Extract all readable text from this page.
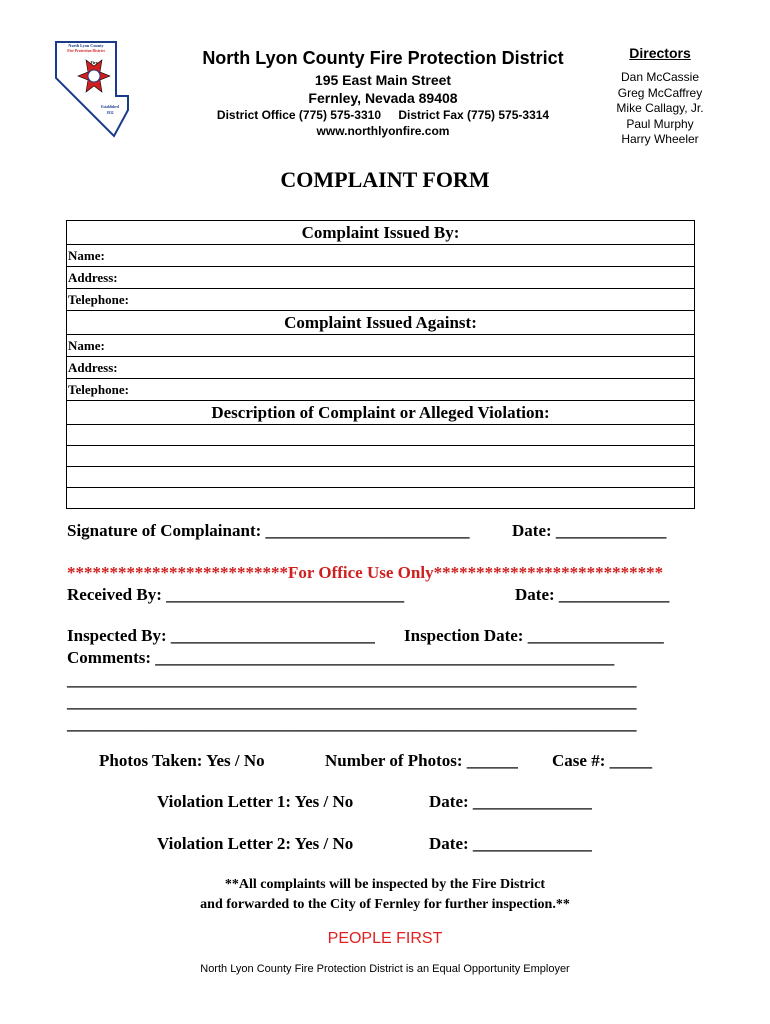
North Lyon County
Fire Protection District
Fire
Established
1932
North Lyon County Fire Protection District
195 East Main Street
Fernley, Nevada 89408
District Office (775) 575-3310 District Fax (775) 575-3314
www.northlyonfire.com
Directors
Dan McCassie
Greg McCaffrey
Mike Callagy, Jr.
Paul Murphy
Harry Wheeler
COMPLAINT FORM
Complaint Issued By:
Name:
Address:
Telephone:
Complaint Issued Against:
Name:
Address:
Telephone:
Description of Complaint or Alleged Violation:
Signature of Complainant: ________________________ Date: _____________
**************************For Office Use Only***************************
Received By: ____________________________	Date: _____________
Inspected By: ________________________ Inspection Date: ________________
Comments: ______________________________________________________
___________________________________________________________________
___________________________________________________________________
___________________________________________________________________
Photos Taken: Yes / No	Number of Photos: ______ Case #: _____
Violation Letter 1: Yes / No	Date: ______________
Violation Letter 2: Yes / No	Date: ______________
**All complaints will be inspected by the Fire District
and forwarded to the City of Fernley for further inspection.**
PEOPLE FIRST
North Lyon County Fire Protection District is an Equal Opportunity Employer
